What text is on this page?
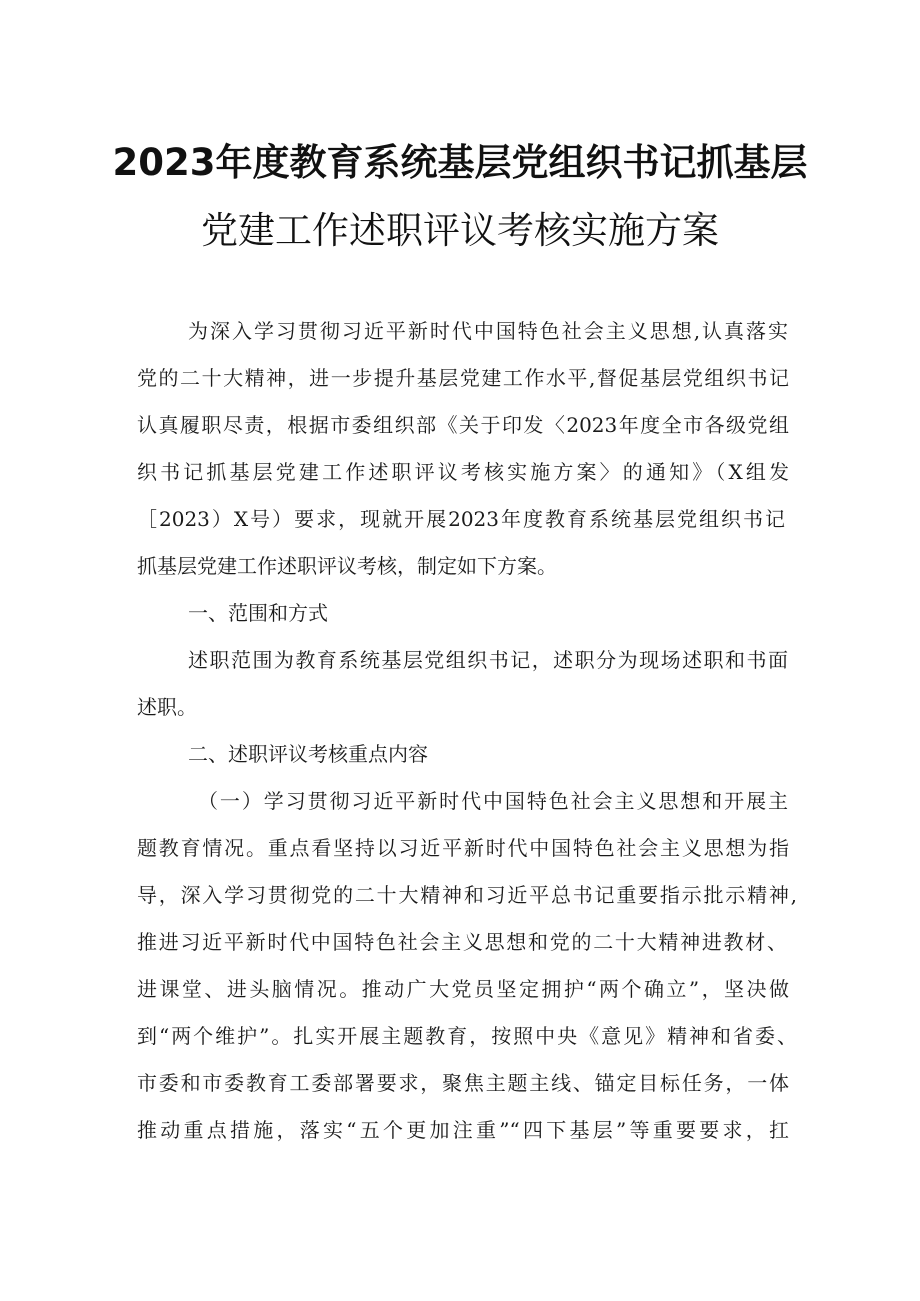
2023年度教育系统基层党组织书记抓基层
党建工作述职评议考核实施方案
为深入学习贯彻习近平新时代中国特色社会主义思想,认真落实
党的二十大精神，进一步提升基层党建工作水平,督促基层党组织书记
认真履职尽责，根据市委组织部《关于印发〈2023年度全市各级党组
织书记抓基层党建工作述职评议考核实施方案〉的通知》（X组发
［2023）X号）要求，现就开展2023年度教育系统基层党组织书记
抓基层党建工作述职评议考核，制定如下方案。
一、范围和方式
述职范围为教育系统基层党组织书记，述职分为现场述职和书面
述职。
二、述职评议考核重点内容
（一）学习贯彻习近平新时代中国特色社会主义思想和开展主
题教育情况。重点看坚持以习近平新时代中国特色社会主义思想为指
导，深入学习贯彻党的二十大精神和习近平总书记重要指示批示精神,
推进习近平新时代中国特色社会主义思想和党的二十大精神进教材、
进课堂、进头脑情况。推动广大党员坚定拥护“两个确立”，坚决做
到“两个维护”。扎实开展主题教育，按照中央《意见》精神和省委、
市委和市委教育工委部署要求，聚焦主题主线、锚定目标任务，一体
推动重点措施，落实“五个更加注重”“四下基层”等重要要求，扛
